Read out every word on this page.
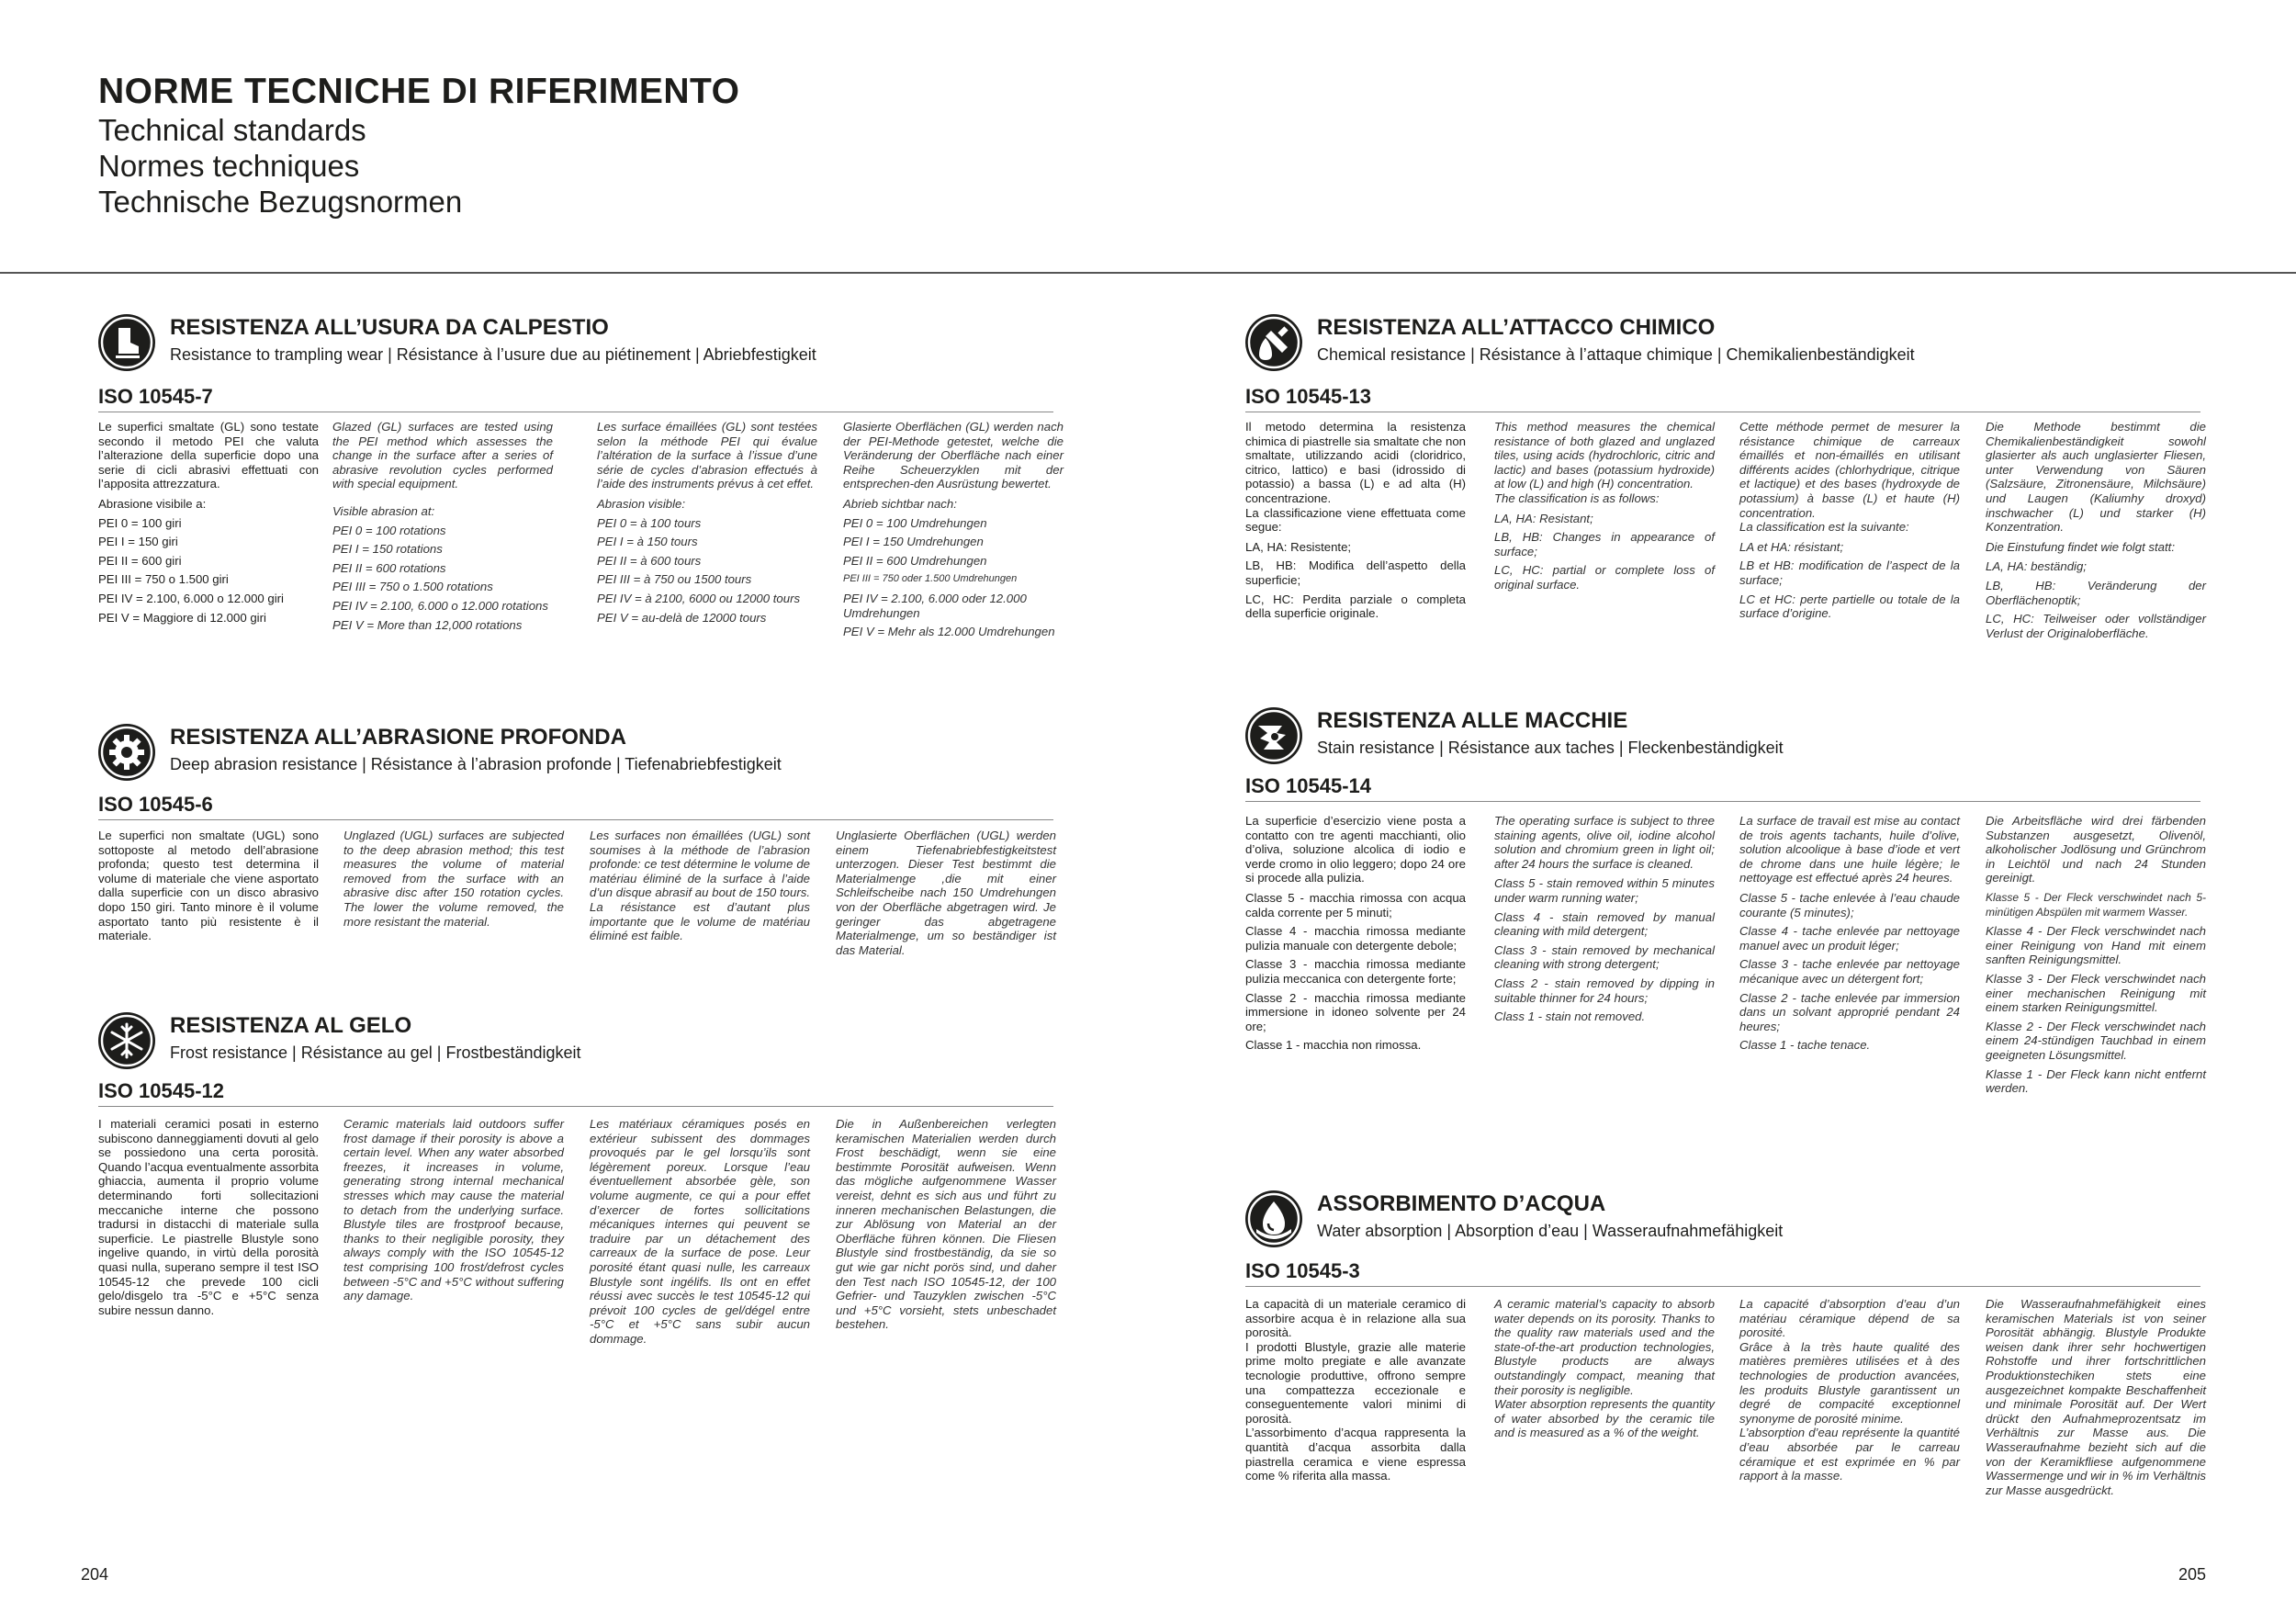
NORME TECNICHE DI RIFERIMENTO
Technical standards
Normes techniques
Technische Bezugsnormen
RESISTENZA ALL’USURA DA CALPESTIO
Resistance to trampling wear | Résistance à l’usure due au piétinement | Abriebfestigkeit
ISO 10545-7

Le superfici smaltate (GL) sono testate secondo il metodo PEI che valuta l’alterazione della superficie dopo una serie di cicli abrasivi effettuati con l’apposita attrezzatura.

Abrasione visibile a:

PEI 0 = 100 giri

PEI I = 150 giri

PEI II = 600 giri

PEI III = 750 o 1.500 giri

PEI IV = 2.100, 6.000 o 12.000 giri

PEI V = Maggiore di 12.000 giri

Glazed (GL) surfaces are tested using the PEI method which assesses the change in the surface after a series of abrasive revolution cycles performed with special equipment.

Visible abrasion at:

PEI 0 = 100 rotations

PEI I = 150 rotations

PEI II = 600 rotations

PEI III = 750 o 1.500 rotations

PEI IV = 2.100, 6.000 o 12.000 rotations

PEI V = More than 12,000 rotations

Les surface émaillées (GL) sont testées selon la méthode PEI qui évalue l’altération de la surface à l’issue d’une série de cycles d’abrasion effectués à l’aide des instruments prévus à cet effet.

Abrasion visible:

PEI 0 = à 100 tours

PEI I = à 150 tours

PEI II = à 600 tours

PEI III = à 750 ou 1500 tours

PEI IV = à 2100, 6000 ou 12000 tours

PEI V = au-delà de 12000 tours

Glasierte Oberflächen (GL) werden nach der PEI-Methode getestet, welche die Veränderung der Oberfläche nach einer Reihe Scheuerzyklen mit der entsprechen-den Ausrüstung bewertet.

Abrieb sichtbar nach:

PEI 0 = 100 Umdrehungen

PEI I = 150 Umdrehungen

PEI II = 600 Umdrehungen

PEI III = 750 oder 1.500 Umdrehungen

PEI IV = 2.100, 6.000 oder 12.000 Umdrehungen

PEI V = Mehr als 12.000 Umdrehungen

RESISTENZA ALL’ABRASIONE PROFONDA
Deep abrasion resistance | Résistance à l’abrasion profonde | Tiefenabriebfestigkeit
ISO 10545-6
Le superfici non smaltate (UGL) sono sottoposte al metodo dell’abrasione profonda; questo test determina il volume di materiale che viene asportato dalla superficie con un disco abrasivo dopo 150 giri. Tanto minore è il volume asportato tanto più resistente è il materiale.
Unglazed (UGL) surfaces are subjected to the deep abrasion method; this test measures the volume of material removed from the surface with an abrasive disc after 150 rotation cycles. The lower the volume removed, the more resistant the material.
Les surfaces non émaillées (UGL) sont soumises à la méthode de l’abrasion profonde: ce test détermine le volume de matériau éliminé de la surface à l’aide d’un disque abrasif au bout de 150 tours. La résistance est d’autant plus importante que le volume de matériau éliminé est faible.
Unglasierte Oberflächen (UGL) werden einem Tiefenabriebfestigkeitstest unterzogen. Dieser Test bestimmt die Materialmenge ,die mit einer Schleifscheibe nach 150 Umdrehungen von der Oberfläche abgetragen wird. Je geringer das abgetragene Materialmenge, um so beständiger ist das Material.
RESISTENZA AL GELO
Frost resistance | Résistance au gel | Frostbeständigkeit
ISO 10545-12
I materiali ceramici posati in esterno subiscono danneggiamenti dovuti al gelo se possiedono una certa porosità. Quando l’acqua eventualmente assorbita ghiaccia, aumenta il proprio volume determinando forti sollecitazioni meccaniche interne che possono tradursi in distacchi di materiale sulla superficie. Le piastrelle Blustyle sono ingelive quando, in virtù della porosità quasi nulla, superano sempre il test ISO 10545-12 che prevede 100 cicli gelo/disgelo tra -5°C e +5°C senza subire nessun danno.
Ceramic materials laid outdoors suffer frost damage if their porosity is above a certain level. When any water absorbed freezes, it increases in volume, generating strong internal mechanical stresses which may cause the material to detach from the underlying surface. Blustyle tiles are frostproof because, thanks to their negligible porosity, they always comply with the ISO 10545-12 test comprising 100 frost/defrost cycles between -5°C and +5°C without suffering any damage.
Les matériaux céramiques posés en extérieur subissent des dommages provoqués par le gel lorsqu’ils sont légèrement poreux. Lorsque l’eau éventuellement absorbée gèle, son volume augmente, ce qui a pour effet d’exercer de fortes sollicitations mécaniques internes qui peuvent se traduire par un détachement des carreaux de la surface de pose. Leur porosité étant quasi nulle, les carreaux Blustyle sont ingélifs. Ils ont en effet réussi avec succès le test 10545-12 qui prévoit 100 cycles de gel/dégel entre -5°C et +5°C sans subir aucun dommage.
Die in Außenbereichen verlegten keramischen Materialien werden durch Frost beschädigt, wenn sie eine bestimmte Porosität aufweisen. Wenn das mögliche aufgenommene Wasser vereist, dehnt es sich aus und führt zu inneren mechanischen Belastungen, die zur Ablösung von Material an der Oberfläche führen können. Die Fliesen Blustyle sind frostbeständig, da sie so gut wie gar nicht porös sind, und daher den Test nach ISO 10545-12, der 100 Gefrier- und Tauzyklen zwischen -5°C und +5°C vorsieht, stets unbeschadet bestehen.
204
RESISTENZA ALL’ATTACCO CHIMICO
Chemical resistance | Résistance à l’attaque chimique | Chemikalienbeständigkeit
ISO 10545-13

Il metodo determina la resistenza chimica di piastrelle sia smaltate che non smaltate, utilizzando acidi (cloridrico, citrico, lattico) e basi (idrossido di potassio) a bassa (L) e ad alta (H) concentrazione.

La classificazione viene effettuata come segue:

LA, HA: Resistente;

LB, HB: Modifica dell’aspetto della superficie;

LC, HC: Perdita parziale o completa della superficie originale.

This method measures the chemical resistance of both glazed and unglazed tiles, using acids (hydrochloric, citric and lactic) and bases (potassium hydroxide) at low (L) and high (H) concentration.

The classification is as follows:

LA, HA: Resistant;

LB, HB: Changes in appearance of surface;

LC, HC: partial or complete loss of original surface.

Cette méthode permet de mesurer la résistance chimique de carreaux émaillés et non-émaillés en utilisant différents acides (chlorhydrique, citrique et lactique) et des bases (hydroxyde de potassium) à basse (L) et haute (H) concentration.

La classification est la suivante:

LA et HA: résistant;

LB et HB: modification de l’aspect de la surface;

LC et HC: perte partielle ou totale de la surface d’origine.

Die Methode bestimmt die Chemikalienbeständigkeit sowohl glasierter als auch unglasierter Fliesen, unter Verwendung von Säuren (Salzsäure, Zitronensäure, Milchsäure) und Laugen (Kaliumhy droxyd) inschwacher (L) und starker (H) Konzentration.

Die Einstufung findet wie folgt statt:

LA, HA: beständig;

LB, HB: Veränderung der Oberflächenoptik;

LC, HC: Teilweiser oder vollständiger Verlust der Originaloberfläche.

RESISTENZA ALLE MACCHIE
Stain resistance | Résistance aux taches | Fleckenbeständigkeit
ISO 10545-14

La superficie d’esercizio viene posta a contatto con tre agenti macchianti, olio d’oliva, soluzione alcolica di iodio e verde cromo in olio leggero; dopo 24 ore si procede alla pulizia.

Classe 5 - macchia rimossa con acqua calda corrente per 5 minuti;

Classe 4 - macchia rimossa mediante pulizia manuale con detergente debole;

Classe 3 - macchia rimossa mediante pulizia meccanica con detergente forte;

Classe 2 - macchia rimossa mediante immersione in idoneo solvente per 24 ore;

Classe 1 - macchia non rimossa.

The operating surface is subject to three staining agents, olive oil, iodine alcohol solution and chromium green in light oil; after 24 hours the surface is cleaned.

Class 5 - stain removed within 5 minutes under warm running water;

Class 4 - stain removed by manual cleaning with mild detergent;

Class 3 - stain removed by mechanical cleaning with strong detergent;

Class 2 - stain removed by dipping in suitable thinner for 24 hours;

Class 1 - stain not removed.

La surface de travail est mise au contact de trois agents tachants, huile d’olive, solution alcoolique à base d’iode et vert de chrome dans une huile légère; le nettoyage est effectué après 24 heures.

Classe 5 - tache enlevée à l’eau chaude courante (5 minutes);

Classe 4 - tache enlevée par nettoyage manuel avec un produit léger;

Classe 3 - tache enlevée par nettoyage mécanique avec un détergent fort;

Classe 2 - tache enlevée par immersion dans un solvant approprié pendant 24 heures;

Classe 1 - tache tenace.

Die Arbeitsfläche wird drei färbenden Substanzen ausgesetzt, Olivenöl, alkoholischer Jodlösung und Grünchrom in Leichtöl und nach 24 Stunden gereinigt.

Klasse 5 - Der Fleck verschwindet nach 5-minütigen Abspülen mit warmem Wasser.

Klasse 4 - Der Fleck verschwindet nach einer Reinigung von Hand mit einem sanften Reinigungsmittel.

Klasse 3 - Der Fleck verschwindet nach einer mechanischen Reinigung mit einem starken Reinigungsmittel.

Klasse 2 - Der Fleck verschwindet nach einem 24-stündigen Tauchbad in einem geeigneten Lösungsmittel.

Klasse 1 - Der Fleck kann nicht entfernt werden.

ASSORBIMENTO D’ACQUA
Water absorption | Absorption d’eau | Wasseraufnahmefähigkeit
ISO 10545-3
La capacità di un materiale ceramico di assorbire acqua è in relazione alla sua porosità.
I prodotti Blustyle, grazie alle materie prime molto pregiate e alle avanzate tecnologie produttive, offrono sempre una compattezza eccezionale e conseguentemente valori minimi di porosità.
L’assorbimento d’acqua rappresenta la quantità d’acqua assorbita dalla piastrella ceramica e viene espressa come % riferita alla massa.
A ceramic material’s capacity to absorb water depends on its porosity. Thanks to the quality raw materials used and the state-of-the-art production technologies, Blustyle products are always outstandingly compact, meaning that their porosity is negligible.
Water absorption represents the quantity of water absorbed by the ceramic tile and is measured as a % of the weight.
La capacité d’absorption d’eau d’un matériau céramique dépend de sa porosité.
Grâce à la très haute qualité des matières premières utilisées et à des technologies de production avancées, les produits Blustyle garantissent un degré de compacité exceptionnel synonyme de porosité minime.
L’absorption d’eau représente la quantité d’eau absorbée par le carreau céramique et est exprimée en % par rapport à la masse.
Die Wasseraufnahmefähigkeit eines keramischen Materials ist von seiner Porosität abhängig. Blustyle Produkte weisen dank ihrer sehr hochwertigen Rohstoffe und ihrer fortschrittlichen Produktionstechiken stets eine ausgezeichnet kompakte Beschaffenheit und minimale Porosität auf. Der Wert drückt den Aufnahmeprozentsatz im Verhältnis zur Masse aus. Die Wasseraufnahme bezieht sich auf die von der Keramikfliese aufgenommene Wassermenge und wir in % im Verhältnis zur Masse ausgedrückt.
205
